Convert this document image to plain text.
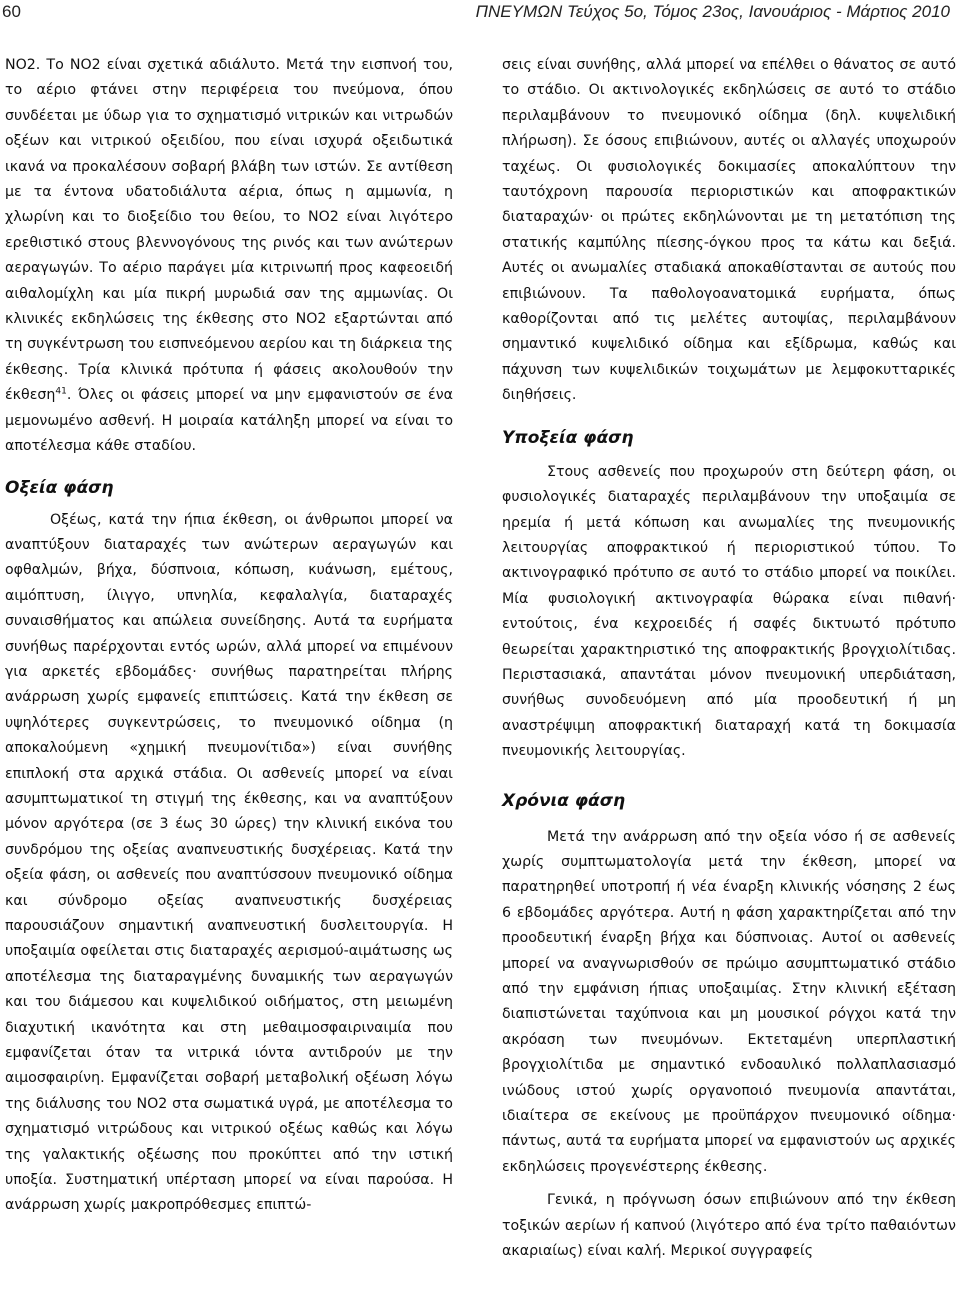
60	ΠΝΕΥΜΩΝ Τεύχος 5ο, Τόμος 23ος, Ιανουάριος - Μάρτιος 2010

NO2. Το NO2 είναι σχετικά αδιάλυτο. Μετά την εισπνοή του, το αέριο φτάνει στην περιφέρεια του πνεύμονα, όπου συνδέεται με ύδωρ για το σχηματισμό νιτρικών και νιτρωδών οξέων και νιτρικού οξειδίου, που είναι ισχυρά οξειδωτικά ικανά να προκαλέσουν σοβαρή βλάβη των ιστών. Σε αντίθεση με τα έντονα υδατοδιάλυτα αέρια, όπως η αμμωνία, η χλωρίνη και το διοξείδιο του θείου, το NO2 είναι λιγότερο ερεθιστικό στους βλεννογόνους της ρινός και των ανώτερων αεραγωγών. Το αέριο παράγει μία κιτρινωπή προς καφεοειδή αιθαλομίχλη και μία πικρή μυρωδιά σαν της αμμωνίας. Οι κλινικές εκδηλώσεις της έκθεσης στο NO2 εξαρτώνται από τη συγκέντρωση του εισπνεόμενου αερίου και τη διάρκεια της έκθεσης. Τρία κλινικά πρότυπα ή φάσεις ακολουθούν την έκθεση$^{41}$. Όλες οι φάσεις μπορεί να μην εμφανιστούν σε ένα μεμονωμένο ασθενή. Η μοιραία κατάληξη μπορεί να είναι το αποτέλεσμα κάθε σταδίου.

Οξεία φάση

Οξέως, κατά την ήπια έκθεση, οι άνθρωποι μπορεί να αναπτύξουν διαταραχές των ανώτερων αεραγωγών και οφθαλμών, βήχα, δύσπνοια, κόπωση, κυάνωση, εμέτους, αιμόπτυση, ίλιγγο, υπνηλία, κεφαλαλγία, διαταραχές συναισθήματος και απώλεια συνείδησης. Αυτά τα ευρήματα συνήθως παρέρχονται εντός ωρών, αλλά μπορεί να επιμένουν για αρκετές εβδομάδες· συνήθως παρατηρείται πλήρης ανάρρωση χωρίς εμφανείς επιπτώσεις. Κατά την έκθεση σε υψηλότερες συγκεντρώσεις, το πνευμονικό οίδημα (η αποκαλούμενη «χημική πνευμονίτιδα») είναι συνήθης επιπλοκή στα αρχικά στάδια. Οι ασθενείς μπορεί να είναι ασυμπτωματικοί τη στιγμή της έκθεσης, και να αναπτύξουν μόνον αργότερα (σε 3 έως 30 ώρες) την κλινική εικόνα του συνδρόμου της οξείας αναπνευστικής δυσχέρειας. Κατά την οξεία φάση, οι ασθενείς που αναπτύσσουν πνευμονικό οίδημα και σύνδρομο οξείας αναπνευστικής δυσχέρειας παρουσιάζουν σημαντική αναπνευστική δυσλειτουργία. Η υποξαιμία οφείλεται στις διαταραχές αερισμού-αιμάτωσης ως αποτέλεσμα της διαταραγμένης δυναμικής των αεραγωγών και του διάμεσου και κυψελιδικού οιδήματος, στη μειωμένη διαχυτική ικανότητα και στη μεθαιμοσφαιριναιμία που εμφανίζεται όταν τα νιτρικά ιόντα αντιδρούν με την αιμοσφαιρίνη. Εμφανίζεται σοβαρή μεταβολική οξέωση λόγω της διάλυσης του NO2 στα σωματικά υγρά, με αποτέλεσμα το σχηματισμό νιτρώδους και νιτρικού οξέως καθώς και λόγω της γαλακτικής οξέωσης που προκύπτει από την ιστική υποξία. Συστηματική υπέρταση μπορεί να είναι παρούσα. Η ανάρρωση χωρίς μακροπρόθεσμες επιπτώ-

σεις είναι συνήθης, αλλά μπορεί να επέλθει ο θάνατος σε αυτό το στάδιο. Οι ακτινολογικές εκδηλώσεις σε αυτό το στάδιο περιλαμβάνουν το πνευμονικό οίδημα (δηλ. κυψελιδική πλήρωση). Σε όσους επιβιώνουν, αυτές οι αλλαγές υποχωρούν ταχέως. Οι φυσιολογικές δοκιμασίες αποκαλύπτουν την ταυτόχρονη παρουσία περιοριστικών και αποφρακτικών διαταραχών· οι πρώτες εκδηλώνονται με τη μετατόπιση της στατικής καμπύλης πίεσης-όγκου προς τα κάτω και δεξιά. Αυτές οι ανωμαλίες σταδιακά αποκαθίστανται σε αυτούς που επιβιώνουν. Τα παθολογοανατομικά ευρήματα, όπως καθορίζονται από τις μελέτες αυτοψίας, περιλαμβάνουν σημαντικό κυψελιδικό οίδημα και εξίδρωμα, καθώς και πάχυνση των κυψελιδικών τοιχωμάτων με λεμφοκυτταρικές διηθήσεις.

Υποξεία φάση

Στους ασθενείς που προχωρούν στη δεύτερη φάση, οι φυσιολογικές διαταραχές περιλαμβάνουν την υποξαιμία σε ηρεμία ή μετά κόπωση και ανωμαλίες της πνευμονικής λειτουργίας αποφρακτικού ή περιοριστικού τύπου. Το ακτινογραφικό πρότυπο σε αυτό το στάδιο μπορεί να ποικίλει. Μία φυσιολογική ακτινογραφία θώρακα είναι πιθανή· εντούτοις, ένα κεχροειδές ή σαφές δικτυωτό πρότυπο θεωρείται χαρακτηριστικό της αποφρακτικής βρογχιολίτιδας. Περιστασιακά, απαντάται μόνον πνευμονική υπερδιάταση, συνήθως συνοδευόμενη από μία προοδευτική ή μη αναστρέψιμη αποφρακτική διαταραχή κατά τη δοκιμασία πνευμονικής λειτουργίας.

Χρόνια φάση

Μετά την ανάρρωση από την οξεία νόσο ή σε ασθενείς χωρίς συμπτωματολογία μετά την έκθεση, μπορεί να παρατηρηθεί υποτροπή ή νέα έναρξη κλινικής νόσησης 2 έως 6 εβδομάδες αργότερα. Αυτή η φάση χαρακτηρίζεται από την προοδευτική έναρξη βήχα και δύσπνοιας. Αυτοί οι ασθενείς μπορεί να αναγνωρισθούν σε πρώιμο ασυμπτωματικό στάδιο από την εμφάνιση ήπιας υποξαιμίας. Στην κλινική εξέταση διαπιστώνεται ταχύπνοια και μη μουσικοί ρόγχοι κατά την ακρόαση των πνευμόνων. Εκτεταμένη υπερπλαστική βρογχιολίτιδα με σημαντικό ενδοαυλικό πολλαπλασιασμό ινώδους ιστού χωρίς οργανοποιό πνευμονία απαντάται, ιδιαίτερα σε εκείνους με προϋπάρχον πνευμονικό οίδημα· πάντως, αυτά τα ευρήματα μπορεί να εμφανιστούν ως αρχικές εκδηλώσεις προγενέστερης έκθεσης.

Γενικά, η πρόγνωση όσων επιβιώνουν από την έκθεση τοξικών αερίων ή καπνού (λιγότερο από ένα τρίτο παθαιόντων ακαριαίως) είναι καλή. Μερικοί συγγραφείς
